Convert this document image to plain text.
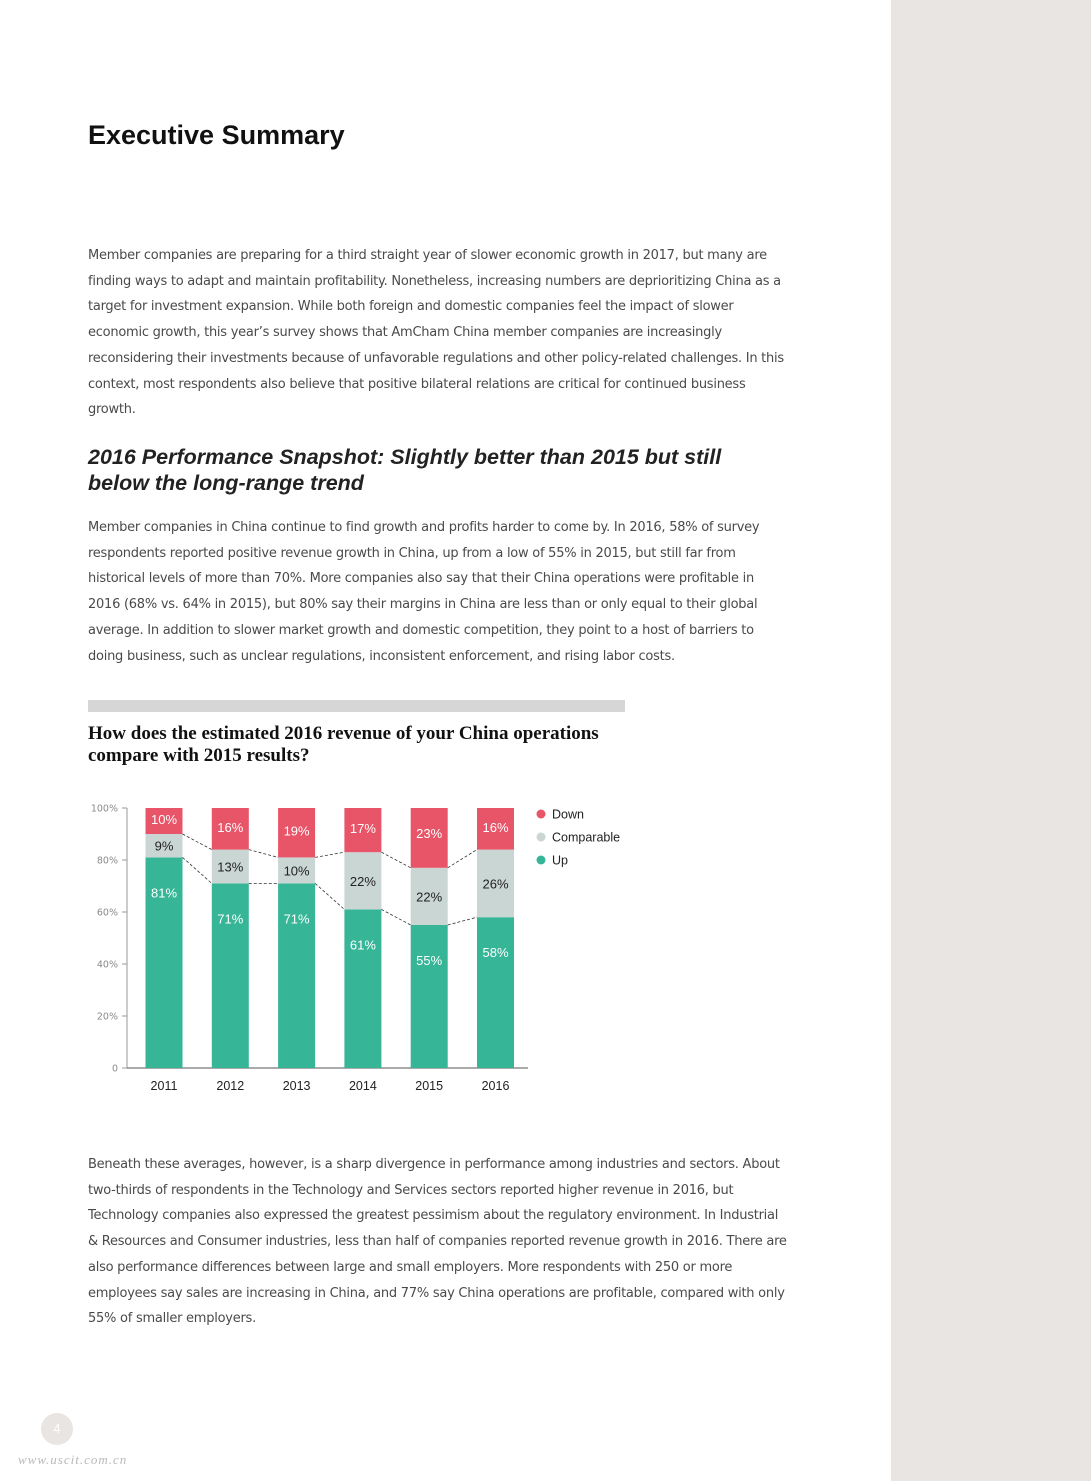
Executive Summary

Member companies are preparing for a third straight year of slower economic growth in 2017, but many are finding ways to adapt and maintain profitability. Nonetheless, increasing numbers are deprioritizing China as a target for investment expansion. While both foreign and domestic companies feel the impact of slower economic growth, this year’s survey shows that AmCham China member companies are increasingly reconsidering their investments because of unfavorable regulations and other policy-related challenges. In this context, most respondents also believe that positive bilateral relations are critical for continued business growth.

2016 Performance Snapshot: Slightly better than 2015 but still below the long-range trend

Member companies in China continue to find growth and profits harder to come by. In 2016, 58% of survey respondents reported positive revenue growth in China, up from a low of 55% in 2015, but still far from historical levels of more than 70%. More companies also say that their China operations were profitable in 2016 (68% vs. 64% in 2015), but 80% say their margins in China are less than or only equal to their global average. In addition to slower market growth and domestic competition, they point to a host of barriers to doing business, such as unclear regulations, inconsistent enforcement, and rising labor costs.

How does the estimated 2016 revenue of your China operations compare with 2015 results?
0
20%
40%
60%
80%
100%
81%
9%
10%
2011
71%
13%
16%
2012
71%
10%
19%
2013
61%
22%
17%
2014
55%
22%
23%
2015
58%
26%
16%
2016
Down
Comparable
Up

Beneath these averages, however, is a sharp divergence in performance among industries and sectors. About two-thirds of respondents in the Technology and Services sectors reported higher revenue in 2016, but Technology companies also expressed the greatest pessimism about the regulatory environment. In Industrial & Resources and Consumer industries, less than half of companies reported revenue growth in 2016. There are also performance differences between large and small employers. More respondents with 250 or more employees say sales are increasing in China, and 77% say China operations are profitable, compared with only 55% of smaller employers.

4
www.uscit.com.cn
